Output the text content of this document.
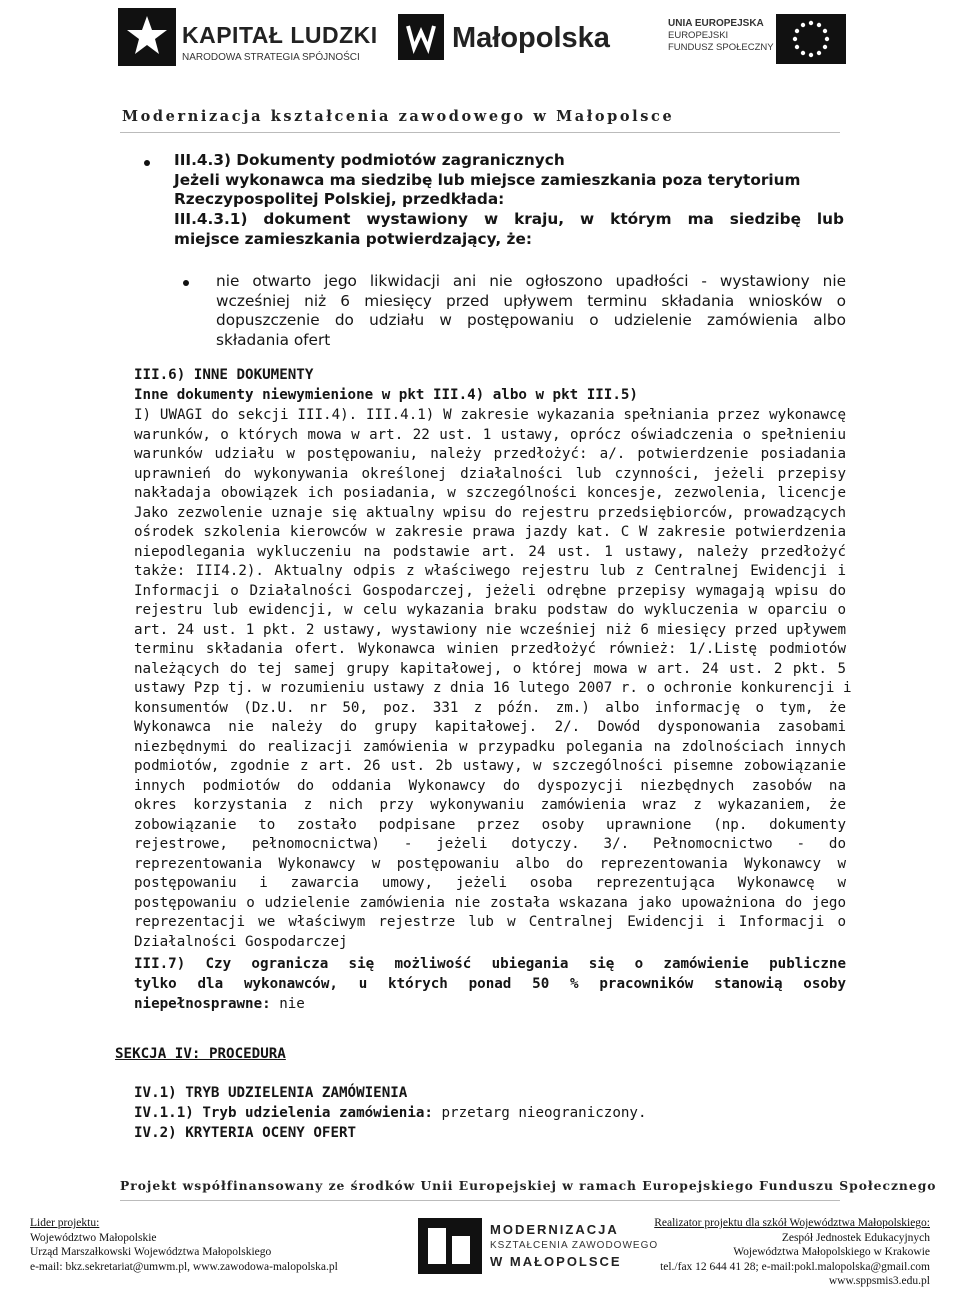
KAPITAŁ LUDZKI
NARODOWA STRATEGIA SPÓJNOŚCI
Małopolska	UNIA EUROPEJSKA
EUROPEJSKI
FUNDUSZ SPOŁECZNY
Modernizacja kształcenia zawodowego w Małopolsce
III.4.3) Dokumenty podmiotów zagranicznych
Jeżeli wykonawca ma siedzibę lub miejsce zamieszkania poza terytorium
Rzeczypospolitej Polskiej, przedkłada:
III.4.3.1) dokument wystawiony w kraju, w którym ma siedzibę lub
miejsce zamieszkania potwierdzający, że:
nie otwarto jego likwidacji ani nie ogłoszono upadłości - wystawiony nie
wcześniej niż 6 miesięcy przed upływem terminu składania wniosków o
dopuszczenie do udziału w postępowaniu o udzielenie zamówienia albo
składania ofert
III.6) INNE DOKUMENTY
Inne dokumenty niewymienione w pkt III.4) albo w pkt III.5)
I) UWAGI do sekcji III.4). III.4.1) W zakresie wykazania spełniania przez wykonawcę
warunków, o których mowa w art. 22 ust. 1 ustawy, oprócz oświadczenia o spełnieniu
warunków udziału w postępowaniu, należy przedłożyć: a/. potwierdzenie posiadania
uprawnień do wykonywania określonej działalności lub czynności, jeżeli przepisy
nakładaja obowiązek ich posiadania, w szczególności koncesje, zezwolenia, licencje
Jako zezwolenie uznaje się aktualny wpisu do rejestru przedsiębiorców, prowadzących
ośrodek szkolenia kierowców w zakresie prawa jazdy kat. C W zakresie potwierdzenia
niepodlegania wykluczeniu na podstawie art. 24 ust. 1 ustawy, należy przedłożyć
także: III4.2). Aktualny odpis z właściwego rejestru lub z Centralnej Ewidencji i
Informacji o Działalności Gospodarczej, jeżeli odrębne przepisy wymagają wpisu do
rejestru lub ewidencji, w celu wykazania braku podstaw do wykluczenia w oparciu o
art. 24 ust. 1 pkt. 2 ustawy, wystawiony nie wcześniej niż 6 miesięcy przed upływem
terminu składania ofert. Wykonawca winien przedłożyć również: 1/.Listę podmiotów
należących do tej samej grupy kapitałowej, o której mowa w art. 24 ust. 2 pkt. 5
ustawy Pzp tj. w rozumieniu ustawy z dnia 16 lutego 2007 r. o ochronie konkurencji i
konsumentów (Dz.U. nr 50, poz. 331 z późn. zm.) albo informację o tym, że
Wykonawca nie należy do grupy kapitałowej. 2/. Dowód dysponowania zasobami
niezbędnymi do realizacji zamówienia w przypadku polegania na zdolnościach innych
podmiotów, zgodnie z art. 26 ust. 2b ustawy, w szczególności pisemne zobowiązanie
innych podmiotów do oddania Wykonawcy do dyspozycji niezbędnych zasobów na
okres korzystania z nich przy wykonywaniu zamówienia wraz z wykazaniem, że
zobowiązanie to zostało podpisane przez osoby uprawnione (np. dokumenty
rejestrowe, pełnomocnictwa) - jeżeli dotyczy. 3/. Pełnomocnictwo - do
reprezentowania Wykonawcy w postępowaniu albo do reprezentowania Wykonawcy w
postępowaniu i zawarcia umowy, jeżeli osoba reprezentująca Wykonawcę w
postępowaniu o udzielenie zamówienia nie została wskazana jako upoważniona do jego
reprezentacji we właściwym rejestrze lub w Centralnej Ewidencji i Informacji o
Działalności Gospodarczej
III.7) Czy ogranicza się możliwość ubiegania się o zamówienie publiczne
tylko dla wykonawców, u których ponad 50 % pracowników stanowią osoby
niepełnosprawne: nie
SEKCJA IV: PROCEDURA
IV.1) TRYB UDZIELENIA ZAMÓWIENIA
IV.1.1) Tryb udzielenia zamówienia: przetarg nieograniczony.
IV.2) KRYTERIA OCENY OFERT
Projekt współfinansowany ze środków Unii Europejskiej w ramach Europejskiego Funduszu Społecznego
Lider projektu:
Województwo Małopolskie
Urząd Marszałkowski Województwa Małopolskiego
e-mail: bkz.sekretariat@umwm.pl, www.zawodowa-malopolska.pl
MODERNIZACJA
KSZTAŁCENIA ZAWODOWEGO
W MAŁOPOLSCE
Realizator projektu dla szkół Województwa Małopolskiego:
Zespół Jednostek Edukacyjnych
Województwa Małopolskiego w Krakowie
tel./fax 12 644 41 28; e-mail:pokl.malopolska@gmail.com
www.sppsmis3.edu.pl
